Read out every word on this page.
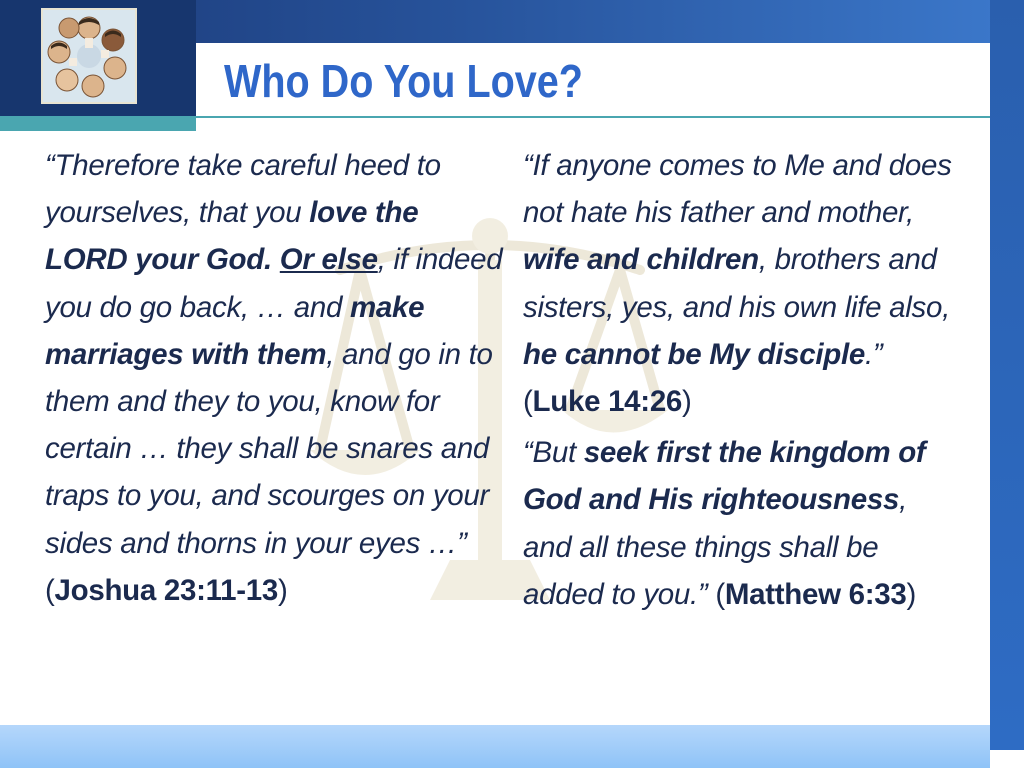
Who Do You Love?

“Therefore take careful heed to yourselves, that you love the LORD your God. Or else, if indeed you do go back, … and make marriages with them, and go in to them and they to you, know for certain … they shall be snares and traps to you, and scourges on your sides and thorns in your eyes …” (Joshua 23:11-13)

“If anyone comes to Me and does not hate his father and mother, wife and children, brothers and sisters, yes, and his own life also, he cannot be My disciple.” (Luke 14:26)

“But seek first the kingdom of God and His righteousness, and all these things shall be added to you.” (Matthew 6:33)
